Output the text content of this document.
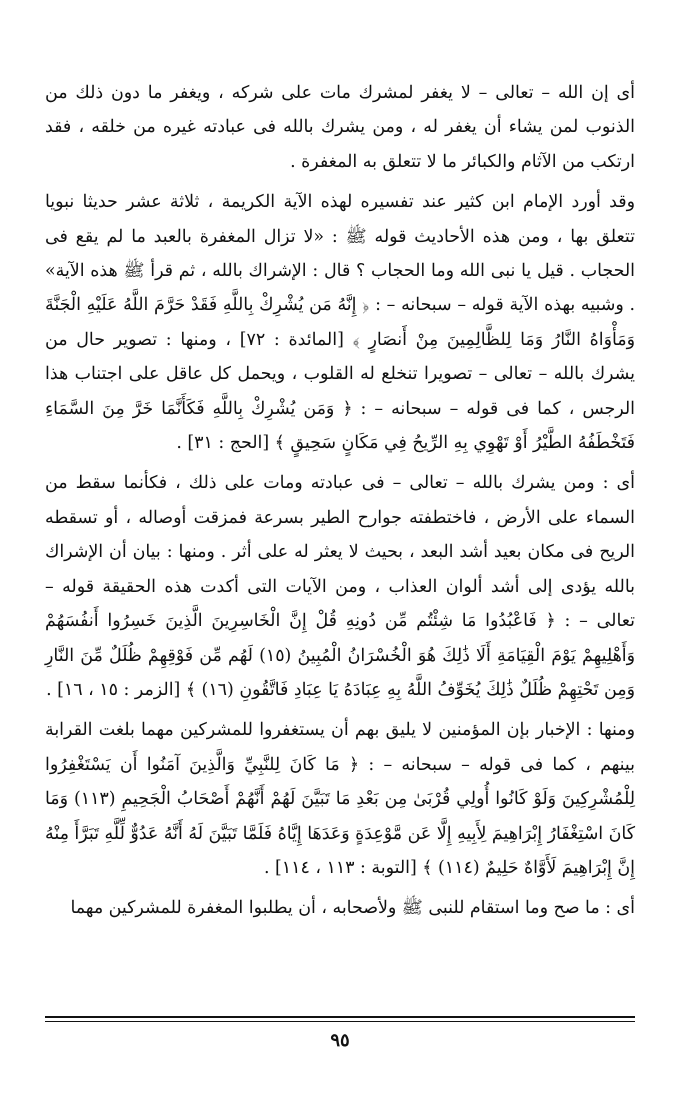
أى إن الله – تعالى – لا يغفر لمشرك مات على شركه ، ويغفر ما دون ذلك من الذنوب لمن يشاء أن يغفر له ، ومن يشرك بالله فى عبادته غيره من خلقه ، فقد ارتكب من الآثام والكبائر ما لا تتعلق به المغفرة .

وقد أورد الإمام ابن كثير عند تفسيره لهذه الآية الكريمة ، ثلاثة عشر حديثا نبويا تتعلق بها ، ومن هذه الأحاديث قوله ﷺ : «لا تزال المغفرة بالعبد ما لم يقع فى الحجاب . قيل يا نبى الله وما الحجاب ؟ قال : الإشراك بالله ، ثم قرأ ﷺ هذه الآية» . وشبيه بهذه الآية قوله – سبحانه – : ﴿ إِنَّهُ مَن يُشْرِكْ بِاللَّهِ فَقَدْ حَرَّمَ اللَّهُ عَلَيْهِ الْجَنَّةَ وَمَأْوَاهُ النَّارُ وَمَا لِلظَّالِمِينَ مِنْ أَنصَارٍ ﴾ [المائدة : ٧٢] ، ومنها : تصوير حال من يشرك بالله – تعالى – تصويرا تنخلع له القلوب ، ويحمل كل عاقل على اجتناب هذا الرجس ، كما فى قوله – سبحانه – : ﴿ وَمَن يُشْرِكْ بِاللَّهِ فَكَأَنَّمَا خَرَّ مِنَ السَّمَاءِ فَتَخْطَفُهُ الطَّيْرُ أَوْ تَهْوِي بِهِ الرِّيحُ فِي مَكَانٍ سَحِيقٍ ﴾ [الحج : ٣١] .

أى : ومن يشرك بالله – تعالى – فى عبادته ومات على ذلك ، فكأنما سقط من السماء على الأرض ، فاختطفته جوارح الطير بسرعة فمزقت أوصاله ، أو تسقطه الريح فى مكان بعيد أشد البعد ، بحيث لا يعثر له على أثر . ومنها : بيان أن الإشراك بالله يؤدى إلى أشد ألوان العذاب ، ومن الآيات التى أكدت هذه الحقيقة قوله – تعالى – : ﴿ فَاعْبُدُوا مَا شِئْتُم مِّن دُونِهِ قُلْ إِنَّ الْخَاسِرِينَ الَّذِينَ خَسِرُوا أَنفُسَهُمْ وَأَهْلِيهِمْ يَوْمَ الْقِيَامَةِ أَلَا ذَٰلِكَ هُوَ الْخُسْرَانُ الْمُبِينُ (١٥) لَهُم مِّن فَوْقِهِمْ ظُلَلٌ مِّنَ النَّارِ وَمِن تَحْتِهِمْ ظُلَلٌ ذَٰلِكَ يُخَوِّفُ اللَّهُ بِهِ عِبَادَهُ يَا عِبَادِ فَاتَّقُونِ (١٦) ﴾ [الزمر : ١٥ ، ١٦] .

ومنها : الإخبار بإن المؤمنين لا يليق بهم أن يستغفروا للمشركين مهما بلغت القرابة بينهم ، كما فى قوله – سبحانه – : ﴿ مَا كَانَ لِلنَّبِيِّ وَالَّذِينَ آمَنُوا أَن يَسْتَغْفِرُوا لِلْمُشْرِكِينَ وَلَوْ كَانُوا أُولِي قُرْبَىٰ مِن بَعْدِ مَا تَبَيَّنَ لَهُمْ أَنَّهُمْ أَصْحَابُ الْجَحِيمِ (١١٣) وَمَا كَانَ اسْتِغْفَارُ إِبْرَاهِيمَ لِأَبِيهِ إِلَّا عَن مَّوْعِدَةٍ وَعَدَهَا إِيَّاهُ فَلَمَّا تَبَيَّنَ لَهُ أَنَّهُ عَدُوٌّ لِّلَّهِ تَبَرَّأَ مِنْهُ إِنَّ إِبْرَاهِيمَ لَأَوَّاهٌ حَلِيمٌ (١١٤) ﴾ [التوبة : ١١٣ ، ١١٤] .

أى : ما صح وما استقام للنبى ﷺ ولأصحابه ، أن يطلبوا المغفرة للمشركين مهما

٩٥
